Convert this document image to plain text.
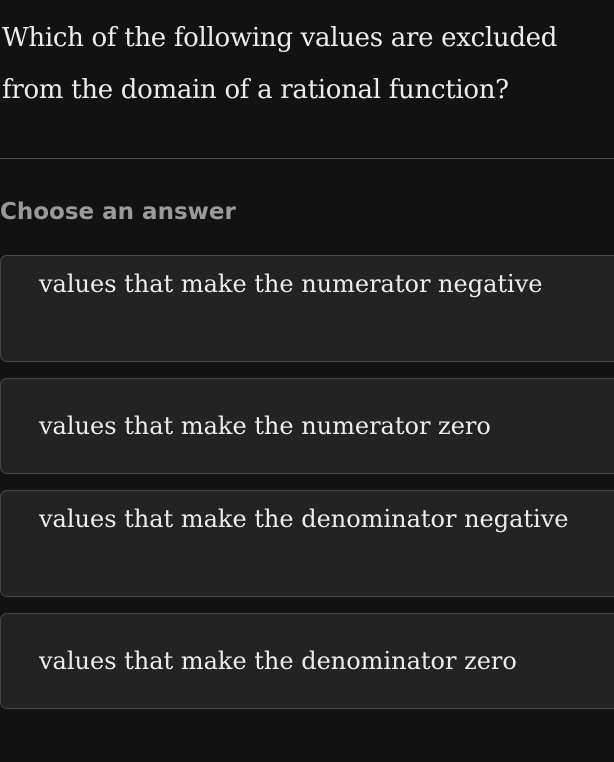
Which of the following values are excluded from the domain of a rational function?
Choose an answer
values that make the numerator negative
values that make the numerator zero
values that make the denominator negative
values that make the denominator zero
